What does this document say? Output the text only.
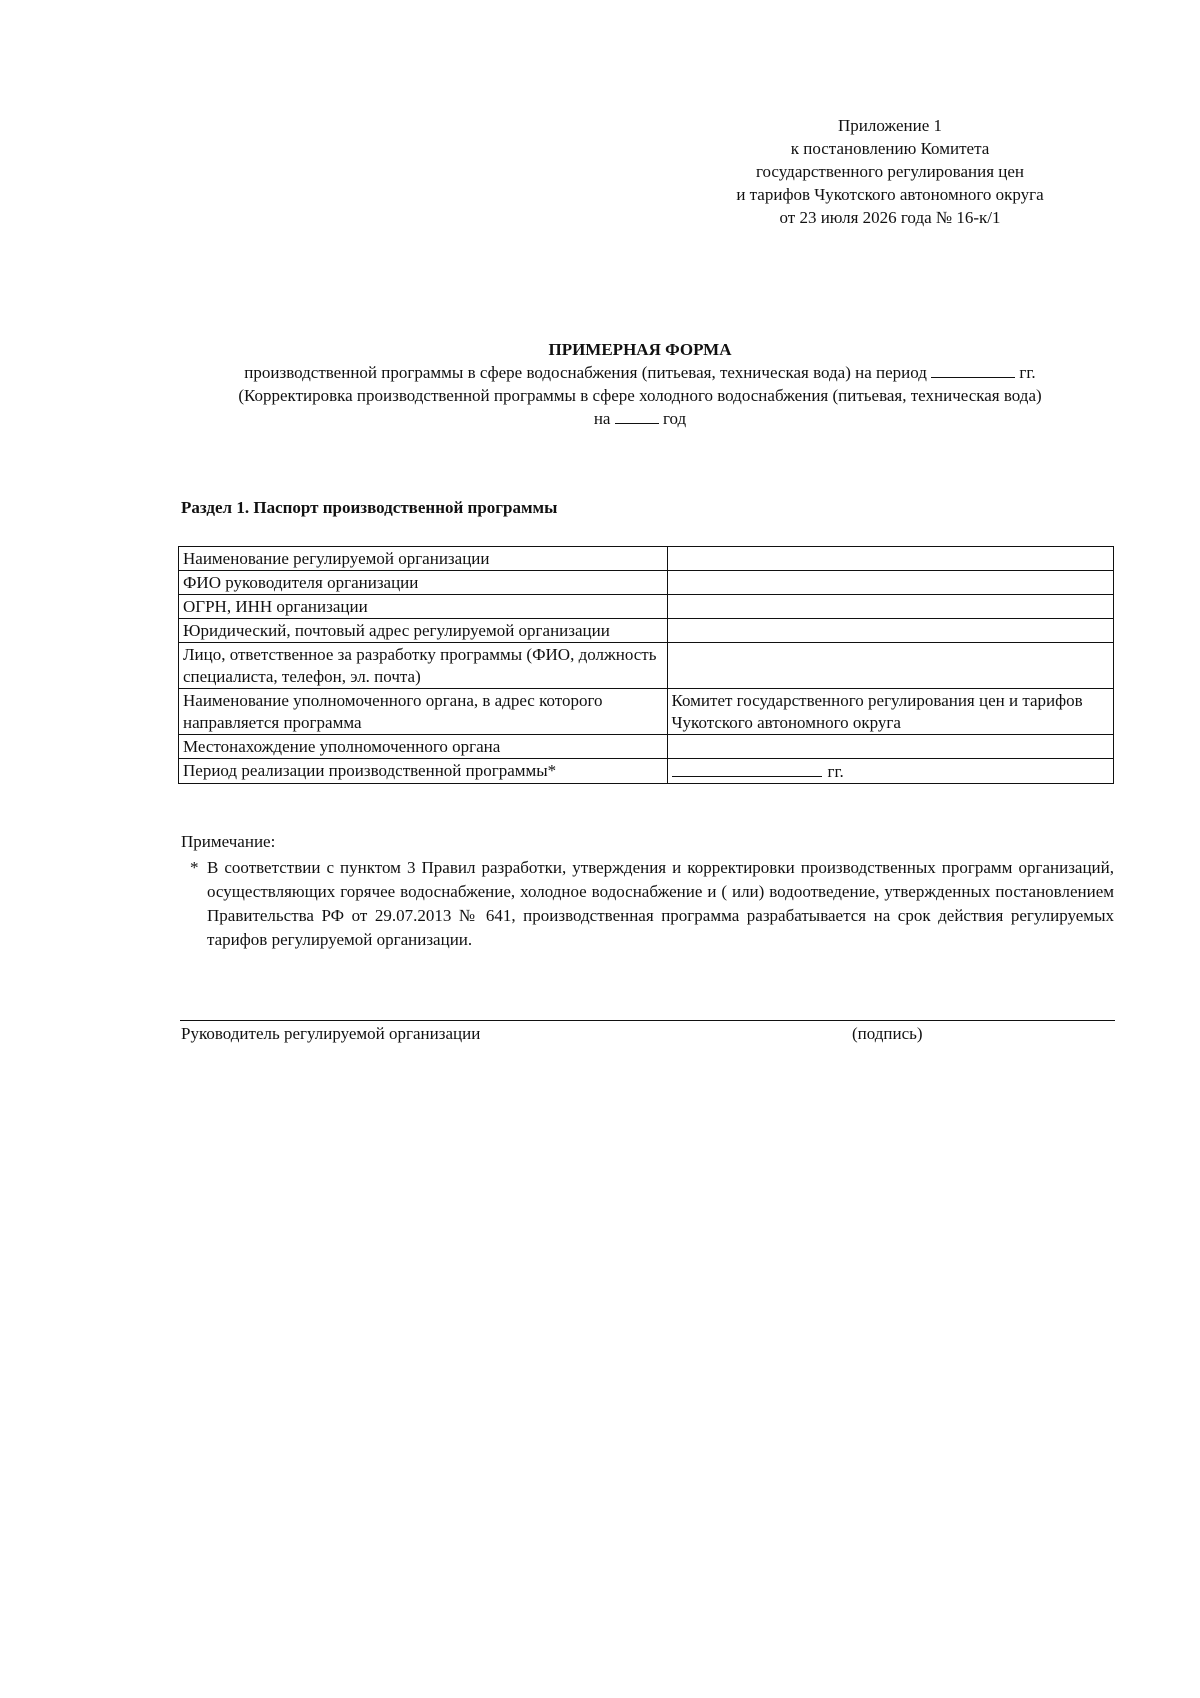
Приложение 1
к постановлению Комитета
государственного регулирования цен
и тарифов Чукотского автономного округа
от 23 июля 2026 года № 16-к/1
ПРИМЕРНАЯ ФОРМА
производственной программы в сфере водоснабжения (питьевая, техническая вода) на период	гг.
(Корректировка производственной программы в сфере холодного водоснабжения (питьевая, техническая вода)
на	год
Раздел 1. Паспорт производственной программы
Наименование регулируемой организации	
ФИО руководителя организации	
ОГРН, ИНН организации	
Юридический, почтовый адрес регулируемой организации	
Лицо, ответственное за разработку программы (ФИО, должность специалиста, телефон, эл. почта)	
Наименование уполномоченного органа, в адрес которого направляется программа	Комитет государственного регулирования цен и тарифов Чукотского автономного округа
Местонахождение уполномоченного органа	
Период реализации производственной программы*	гг.
Примечание:
* В соответствии с пунктом 3 Правил разработки, утверждения и корректировки производственных программ организаций, осуществляющих горячее водоснабжение, холодное водоснабжение и ( или) водоотведение, утвержденных постановлением Правительства РФ от 29.07.2013 № 641, производственная программа разрабатывается на срок действия регулируемых тарифов регулируемой организации.
Руководитель регулируемой организации	(подпись)
